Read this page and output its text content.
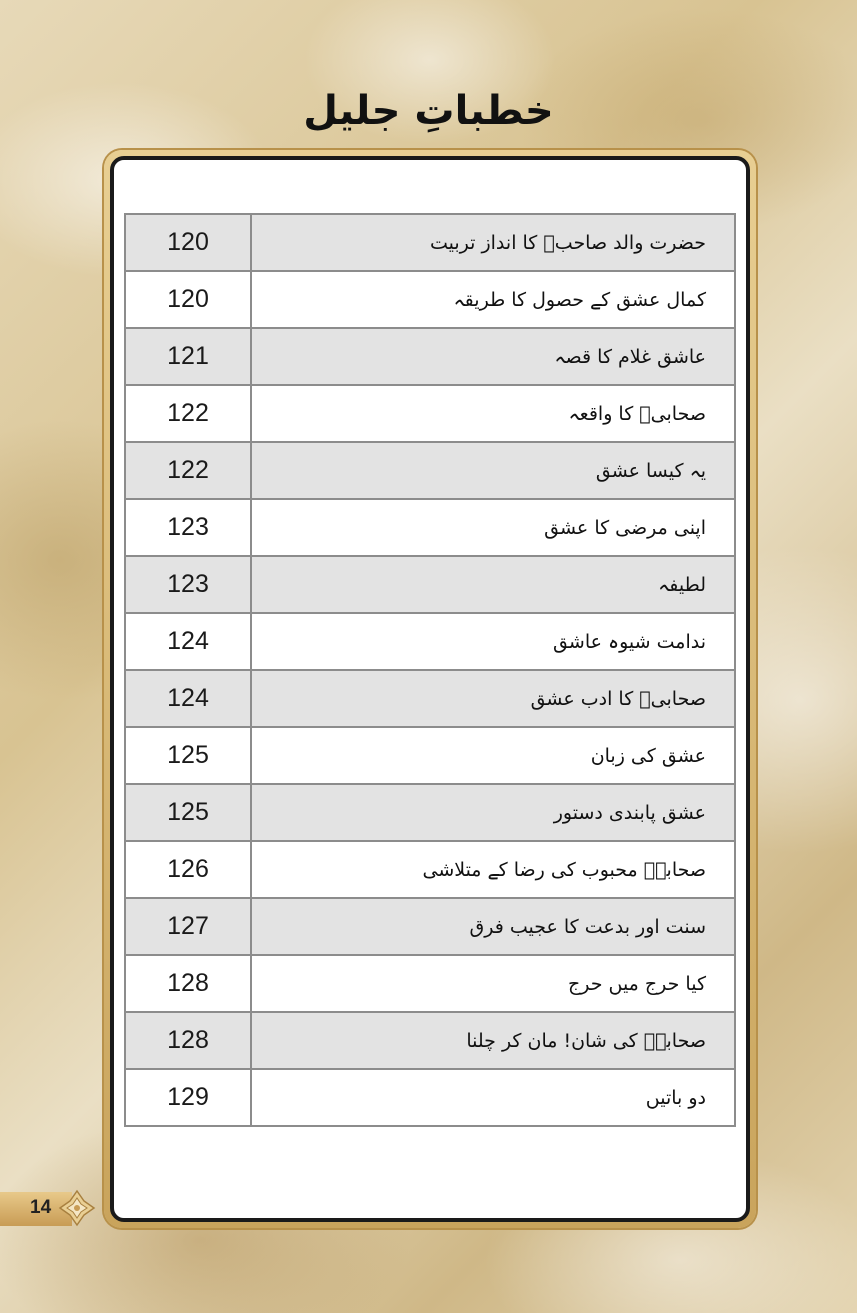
خطباتِ جلیل
120	حضرت والد صاحبؒ کا انداز تربیت
120	کمال عشق کے حصول کا طریقہ
121	عاشق غلام کا قصہ
122	صحابیؓ کا واقعہ
122	یہ کیسا عشق
123	اپنی مرضی کا عشق
123	لطیفہ
124	ندامت شیوہ عاشق
124	صحابیؓ کا ادب عشق
125	عشق کی زبان
125	عشق پابندی دستور
126	صحابہؓ محبوب کی رضا کے متلاشی
127	سنت اور بدعت کا عجیب فرق
128	کیا حرج میں حرج
128	صحابہؓ کی شان! مان کر چلنا
129	دو باتیں
14
